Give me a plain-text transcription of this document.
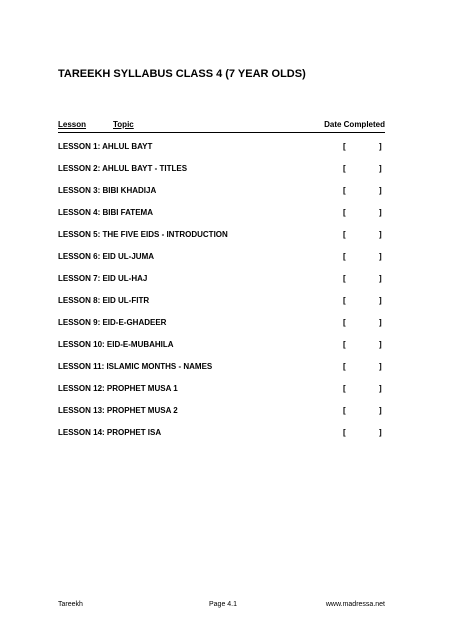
TAREEKH SYLLABUS CLASS 4 (7 YEAR OLDS)
Lesson	Topic	Date Completed
LESSON 1: AHLUL BAYT	[	]
LESSON 2: AHLUL BAYT - TITLES	[	]
LESSON 3: BIBI KHADIJA	[	]
LESSON 4: BIBI FATEMA	[	]
LESSON 5: THE FIVE EIDS - INTRODUCTION	[	]
LESSON 6: EID UL-JUMA	[	]
LESSON 7: EID UL-HAJ	[	]
LESSON 8: EID UL-FITR	[	]
LESSON 9: EID-E-GHADEER	[	]
LESSON 10: EID-E-MUBAHILA	[	]
LESSON 11: ISLAMIC MONTHS - NAMES	[	]
LESSON 12: PROPHET MUSA 1	[	]
LESSON 13: PROPHET MUSA 2	[	]
LESSON 14: PROPHET ISA	[	]
Tareekh	Page 4.1	www.madressa.net
